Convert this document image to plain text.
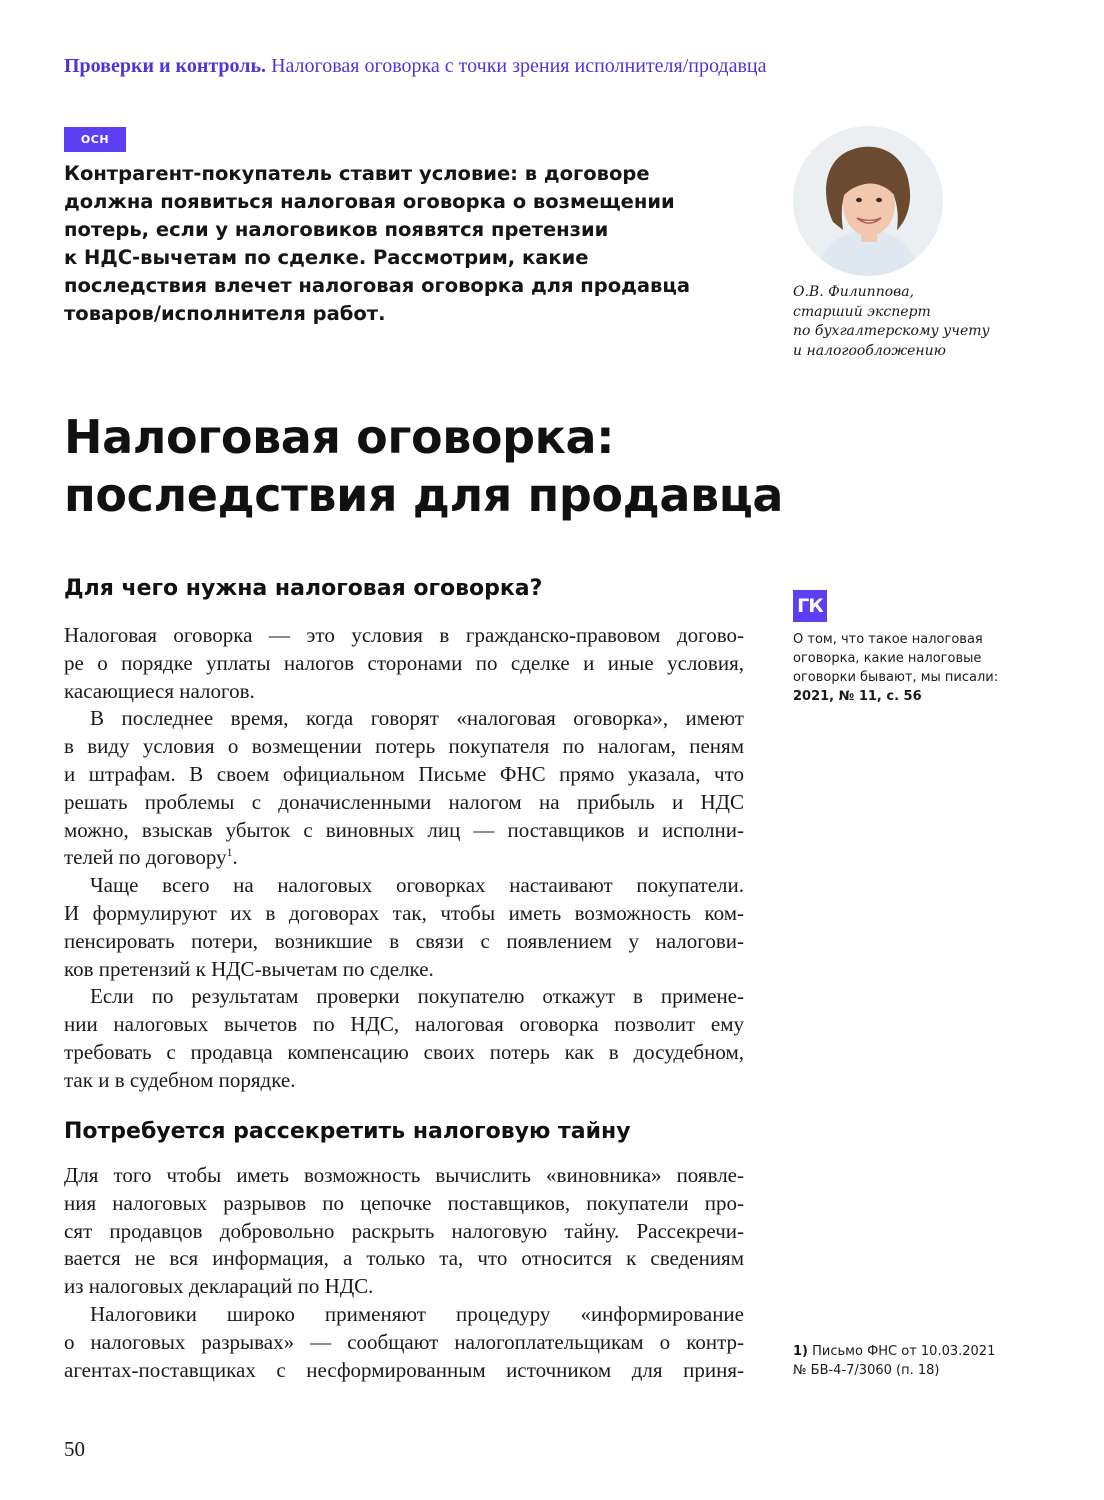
Проверки и контроль. Налоговая оговорка с точки зрения исполнителя/продавца
ОСН
Контрагент-покупатель ставит условие: в договоре
должна появиться налоговая оговорка о возмещении
потерь, если у налоговиков появятся претензии
к НДС-вычетам по сделке. Рассмотрим, какие
последствия влечет налоговая оговорка для продавца
товаров/исполнителя работ.
О.В. Филиппова,
старший эксперт
по бухгалтерскому учету
и налогообложению
Налоговая оговорка:
последствия для продавца
Для чего нужна налоговая оговорка?
Налоговая оговорка — это условия в гражданско-правовом догово-
ре о порядке уплаты налогов сторонами по сделке и иные условия,
касающиеся налогов.
В последнее время, когда говорят «налоговая оговорка», имеют
в виду условия о возмещении потерь покупателя по налогам, пеням
и штрафам. В своем официальном Письме ФНС прямо указала, что
решать проблемы с доначисленными налогом на прибыль и НДС
можно, взыскав убыток с виновных лиц — поставщиков и исполни-
телей по договору$^1$.
Чаще всего на налоговых оговорках настаивают покупатели.
И формулируют их в договорах так, чтобы иметь возможность ком-
пенсировать потери, возникшие в связи с появлением у налогови-
ков претензий к НДС-вычетам по сделке.
Если по результатам проверки покупателю откажут в примене-
нии налоговых вычетов по НДС, налоговая оговорка позволит ему
требовать с продавца компенсацию своих потерь как в досудебном,
так и в судебном порядке.
Потребуется рассекретить налоговую тайну
Для того чтобы иметь возможность вычислить «виновника» появле-
ния налоговых разрывов по цепочке поставщиков, покупатели про-
сят продавцов добровольно раскрыть налоговую тайну. Рассекречи-
вается не вся информация, а только та, что относится к сведениям
из налоговых деклараций по НДС.
Налоговики широко применяют процедуру «информирование
о налоговых разрывах» — сообщают налогоплательщикам о контр-
агентах-поставщиках с несформированным источником для приня-
ГК
О том, что такое налоговая
оговорка, какие налоговые
оговорки бывают, мы писали:
2021, № 11, с. 56
1) Письмо ФНС от 10.03.2021
№ БВ-4-7/3060 (п. 18)
50
